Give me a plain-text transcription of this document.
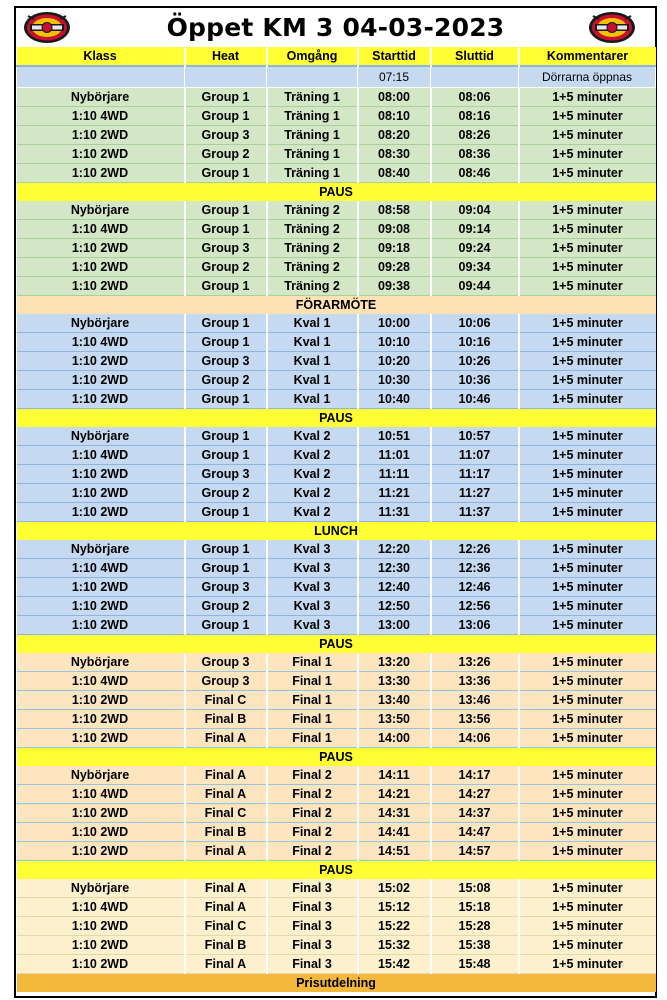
Öppet KM 3 04-03-2023
Klass	Heat	Omgång	Starttid	Sluttid	Kommentarer
			07:15		Dörrarna öppnas
Nybörjare	Group 1	Träning 1	08:00	08:06	1+5 minuter
1:10 4WD	Group 1	Träning 1	08:10	08:16	1+5 minuter
1:10 2WD	Group 3	Träning 1	08:20	08:26	1+5 minuter
1:10 2WD	Group 2	Träning 1	08:30	08:36	1+5 minuter
1:10 2WD	Group 1	Träning 1	08:40	08:46	1+5 minuter
PAUS					
Nybörjare	Group 1	Träning 2	08:58	09:04	1+5 minuter
1:10 4WD	Group 1	Träning 2	09:08	09:14	1+5 minuter
1:10 2WD	Group 3	Träning 2	09:18	09:24	1+5 minuter
1:10 2WD	Group 2	Träning 2	09:28	09:34	1+5 minuter
1:10 2WD	Group 1	Träning 2	09:38	09:44	1+5 minuter
FÖRARMÖTE					
Nybörjare	Group 1	Kval 1	10:00	10:06	1+5 minuter
1:10 4WD	Group 1	Kval 1	10:10	10:16	1+5 minuter
1:10 2WD	Group 3	Kval 1	10:20	10:26	1+5 minuter
1:10 2WD	Group 2	Kval 1	10:30	10:36	1+5 minuter
1:10 2WD	Group 1	Kval 1	10:40	10:46	1+5 minuter
PAUS					
Nybörjare	Group 1	Kval 2	10:51	10:57	1+5 minuter
1:10 4WD	Group 1	Kval 2	11:01	11:07	1+5 minuter
1:10 2WD	Group 3	Kval 2	11:11	11:17	1+5 minuter
1:10 2WD	Group 2	Kval 2	11:21	11:27	1+5 minuter
1:10 2WD	Group 1	Kval 2	11:31	11:37	1+5 minuter
LUNCH					
Nybörjare	Group 1	Kval 3	12:20	12:26	1+5 minuter
1:10 4WD	Group 1	Kval 3	12:30	12:36	1+5 minuter
1:10 2WD	Group 3	Kval 3	12:40	12:46	1+5 minuter
1:10 2WD	Group 2	Kval 3	12:50	12:56	1+5 minuter
1:10 2WD	Group 1	Kval 3	13:00	13:06	1+5 minuter
PAUS					
Nybörjare	Group 3	Final 1	13:20	13:26	1+5 minuter
1:10 4WD	Group 3	Final 1	13:30	13:36	1+5 minuter
1:10 2WD	Final C	Final 1	13:40	13:46	1+5 minuter
1:10 2WD	Final B	Final 1	13:50	13:56	1+5 minuter
1:10 2WD	Final A	Final 1	14:00	14:06	1+5 minuter
PAUS					
Nybörjare	Final A	Final 2	14:11	14:17	1+5 minuter
1:10 4WD	Final A	Final 2	14:21	14:27	1+5 minuter
1:10 2WD	Final C	Final 2	14:31	14:37	1+5 minuter
1:10 2WD	Final B	Final 2	14:41	14:47	1+5 minuter
1:10 2WD	Final A	Final 2	14:51	14:57	1+5 minuter
PAUS					
Nybörjare	Final A	Final 3	15:02	15:08	1+5 minuter
1:10 4WD	Final A	Final 3	15:12	15:18	1+5 minuter
1:10 2WD	Final C	Final 3	15:22	15:28	1+5 minuter
1:10 2WD	Final B	Final 3	15:32	15:38	1+5 minuter
1:10 2WD	Final A	Final 3	15:42	15:48	1+5 minuter
Prisutdelning					
